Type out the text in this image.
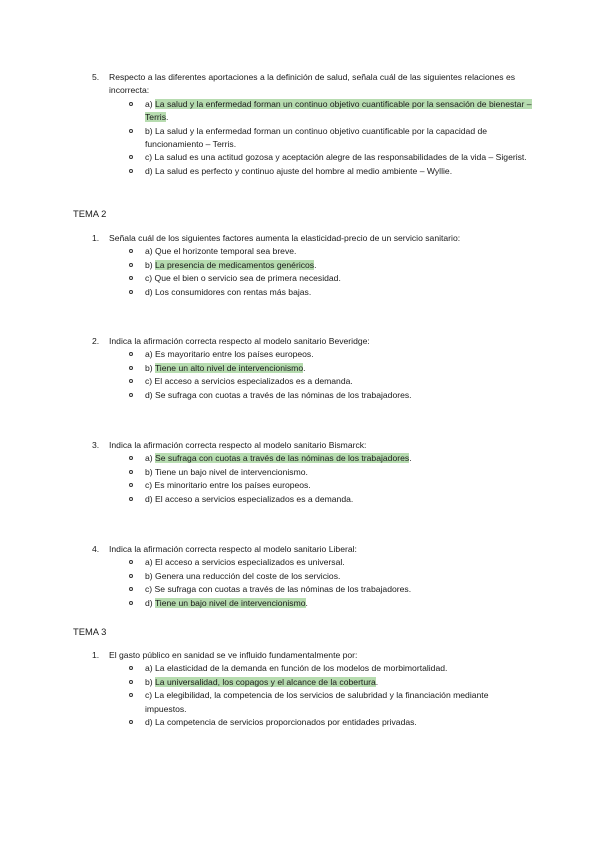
5. Respecto a las diferentes aportaciones a la definición de salud, señala cuál de las siguientes relaciones es incorrecta:
a) La salud y la enfermedad forman un continuo objetivo cuantificable por la sensación de bienestar – Terris.
b) La salud y la enfermedad forman un continuo objetivo cuantificable por la capacidad de funcionamiento – Terris.
c) La salud es una actitud gozosa y aceptación alegre de las responsabilidades de la vida – Sigerist.
d) La salud es perfecto y continuo ajuste del hombre al medio ambiente – Wyllie.
TEMA 2
1. Señala cuál de los siguientes factores aumenta la elasticidad-precio de un servicio sanitario:
a) Que el horizonte temporal sea breve.
b) La presencia de medicamentos genéricos.
c) Que el bien o servicio sea de primera necesidad.
d) Los consumidores con rentas más bajas.
2. Indica la afirmación correcta respecto al modelo sanitario Beveridge:
a) Es mayoritario entre los países europeos.
b) Tiene un alto nivel de intervencionismo.
c) El acceso a servicios especializados es a demanda.
d) Se sufraga con cuotas a través de las nóminas de los trabajadores.
3. Indica la afirmación correcta respecto al modelo sanitario Bismarck:
a) Se sufraga con cuotas a través de las nóminas de los trabajadores.
b) Tiene un bajo nivel de intervencionismo.
c) Es minoritario entre los países europeos.
d) El acceso a servicios especializados es a demanda.
4. Indica la afirmación correcta respecto al modelo sanitario Liberal:
a) El acceso a servicios especializados es universal.
b) Genera una reducción del coste de los servicios.
c) Se sufraga con cuotas a través de las nóminas de los trabajadores.
d) Tiene un bajo nivel de intervencionismo.
TEMA 3
1. El gasto público en sanidad se ve influido fundamentalmente por:
a) La elasticidad de la demanda en función de los modelos de morbimortalidad.
b) La universalidad, los copagos y el alcance de la cobertura.
c) La elegibilidad, la competencia de los servicios de salubridad y la financiación mediante impuestos.
d) La competencia de servicios proporcionados por entidades privadas.
